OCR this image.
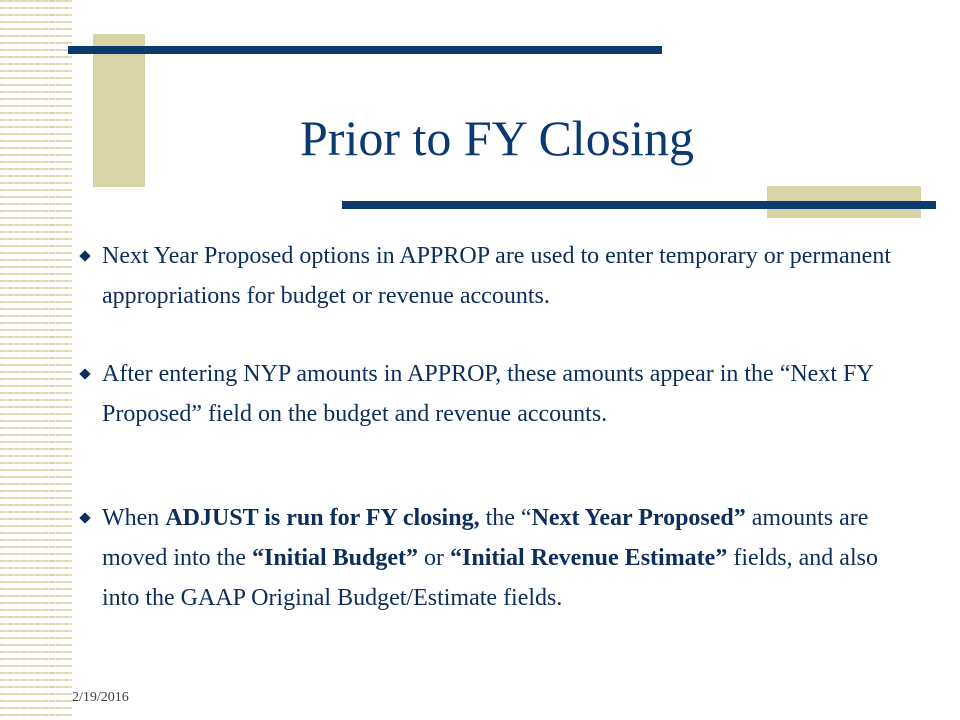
Prior to FY Closing
Next Year Proposed options in APPROP are used to enter temporary or permanent appropriations for budget or revenue accounts.
After entering NYP amounts in APPROP, these amounts appear in the “Next FY Proposed” field on the budget and revenue accounts.
When ADJUST is run for FY closing, the “Next Year Proposed” amounts are moved into the “Initial Budget” or “Initial Revenue Estimate” fields, and also into the GAAP Original Budget/Estimate fields.
2/19/2016
